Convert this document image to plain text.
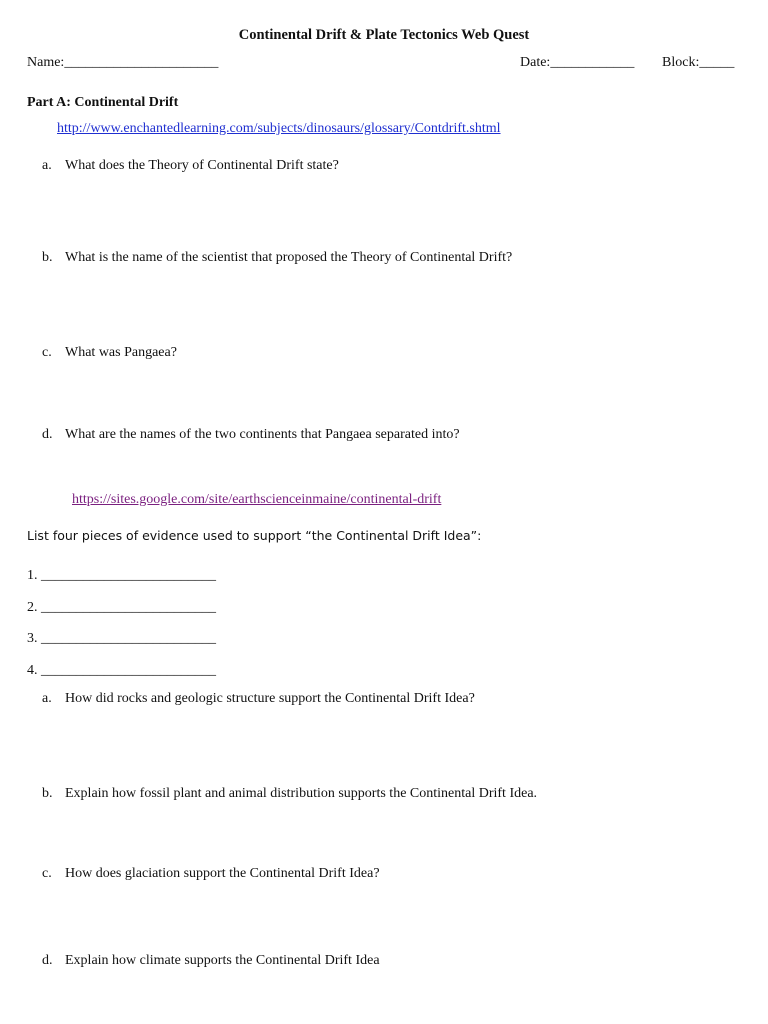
Continental Drift & Plate Tectonics Web Quest
Name:______________________	Date:____________ Block:_____
Part A: Continental Drift
http://www.enchantedlearning.com/subjects/dinosaurs/glossary/Contdrift.shtml
a. What does the Theory of Continental Drift state?
b. What is the name of the scientist that proposed the Theory of Continental Drift?
c. What was Pangaea?
d. What are the names of the two continents that Pangaea separated into?
https://sites.google.com/site/earthscienceinmaine/continental-drift
List four pieces of evidence used to support “the Continental Drift Idea”:
1. _________________________
2. _________________________
3. _________________________
4. _________________________
a. How did rocks and geologic structure support the Continental Drift Idea?
b. Explain how fossil plant and animal distribution supports the Continental Drift Idea.
c. How does glaciation support the Continental Drift Idea?
d. Explain how climate supports the Continental Drift Idea
